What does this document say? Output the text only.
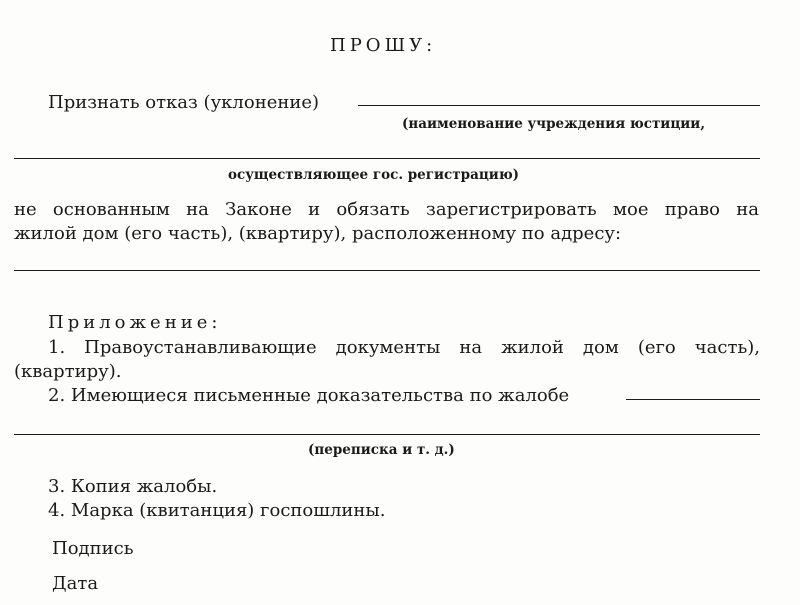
ПРОШУ:
Признать отказ (уклонение)
(наименование учреждения юстиции,
осуществляющее гос. регистрацию)
не основанным на Законе и обязать зарегистрировать мое право на
жилой дом (его часть), (квартиру), расположенному по адресу:
Приложение:
1. Правоустанавливающие документы на жилой дом (его часть),
(квартиру).
2. Имеющиеся письменные доказательства по жалобе
(переписка и т. д.)
3. Копия жалобы.
4. Марка (квитанция) госпошлины.
Подпись
Дата
